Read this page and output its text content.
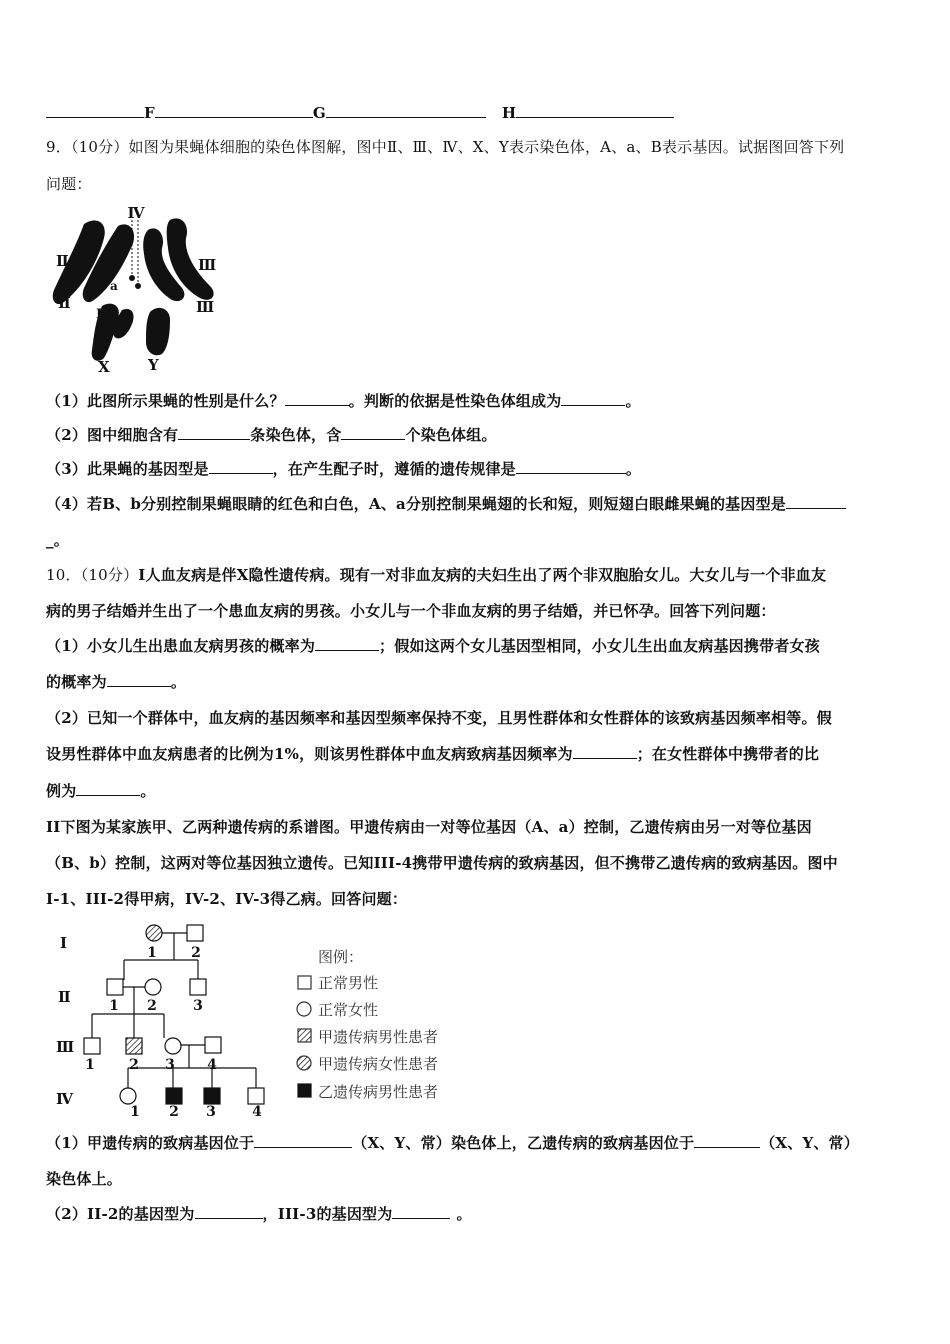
F	G	H
9．（10分）如图为果蝇体细胞的染色体图解，图中Ⅱ、Ⅲ、Ⅳ、X、Y表示染色体，A、a、B表示基因。试据图回答下列
问题：
Ⅳ
Ⅱ A
a
Ⅱ
B
Ⅲ
Ⅲ
X	Y
（1）此图所示果蝇的性别是什么？	。判断的依据是性染色体组成为	。
（2）图中细胞含有	条染色体，含	个染色体组。
（3）此果蝇的基因型是	，在产生配子时，遵循的遗传规律是	。
（4）若B、b分别控制果蝇眼睛的红色和白色，A、a分别控制果蝇翅的长和短，则短翅白眼雌果蝇的基因型是
_。
10．（10分）I人血友病是伴X隐性遗传病。现有一对非血友病的夫妇生出了两个非双胞胎女儿。大女儿与一个非血友
病的男子结婚并生出了一个患血友病的男孩。小女儿与一个非血友病的男子结婚，并已怀孕。回答下列问题：
（1）小女儿生出患血友病男孩的概率为	；假如这两个女儿基因型相同，小女儿生出血友病基因携带者女孩
的概率为	。
（2）已知一个群体中，血友病的基因频率和基因型频率保持不变，且男性群体和女性群体的该致病基因频率相等。假
设男性群体中血友病患者的比例为1%，则该男性群体中血友病致病基因频率为	；在女性群体中携带者的比
例为	。
II下图为某家族甲、乙两种遗传病的系谱图。甲遗传病由一对等位基因（A、a）控制，乙遗传病由另一对等位基因
（B、b）控制，这两对等位基因独立遗传。已知III-4携带甲遗传病的致病基因，但不携带乙遗传病的致病基因。图中
I-1、III-2得甲病，IV-2、IV-3得乙病。回答问题：
Ⅰ
Ⅱ
Ⅲ
Ⅳ
1 2
1 2	3
1 2 3 4
1 2 3	4
图例：
正常男性
正常女性
甲遗传病男性患者
甲遗传病女性患者
乙遗传病男性患者
（1）甲遗传病的致病基因位于	（X、Y、常）染色体上，乙遗传病的致病基因位于	（X、Y、常）
染色体上。
（2）II-2的基因型为	，III-3的基因型为	。
